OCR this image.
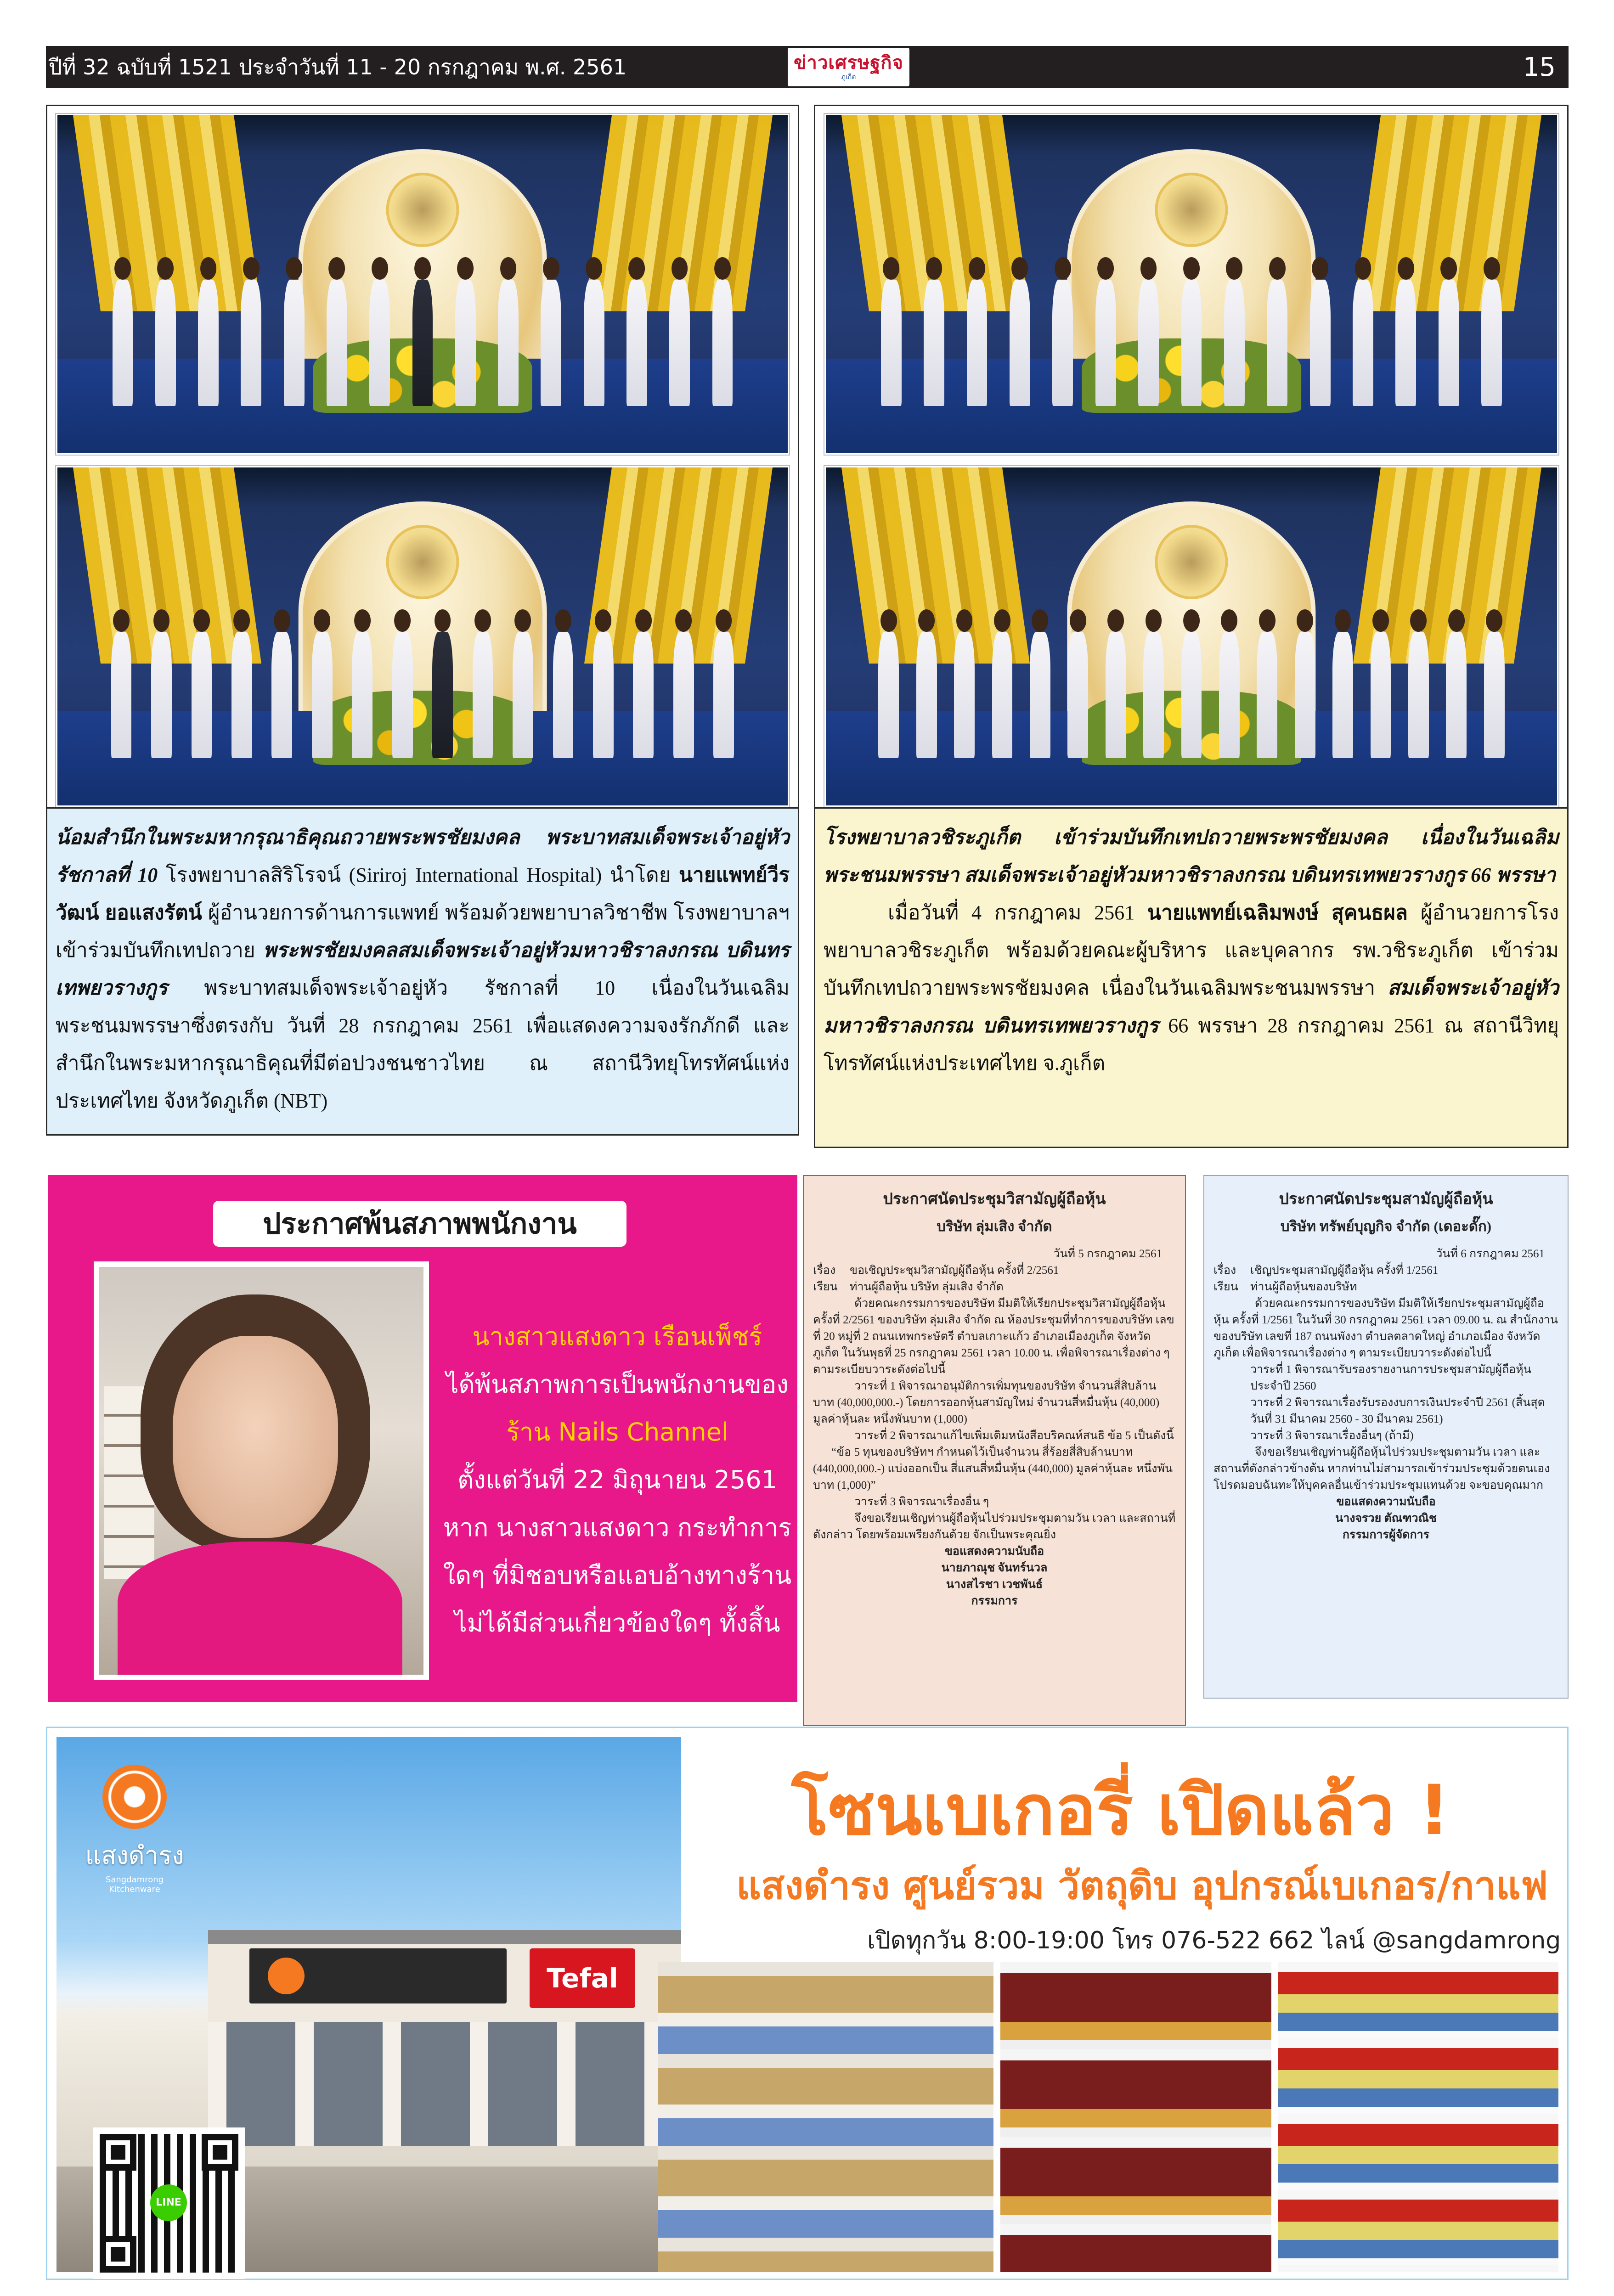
ปีที่ 32 ฉบับที่ 1521 ประจำวันที่ 11 - 20 กรกฎาคม พ.ศ. 2561	ข่าวเศรษฐกิจ
ภูเก็ต	15
น้อมสำนึกในพระมหากรุณาธิคุณถวายพระพรชัยมงคล พระบาทสมเด็จพระเจ้าอยู่หัว รัชกาลที่ 10 โรงพยาบาลสิริโรจน์ (Siriroj International Hospital) นำโดย นายแพทย์วีรวัฒน์ ยอแสงรัตน์ ผู้อำนวยการด้านการแพทย์ พร้อมด้วยพยาบาลวิชาชีพ โรงพยาบาลฯ เข้าร่วมบันทึกเทปถวาย พระพรชัยมงคลสมเด็จพระเจ้าอยู่หัวมหาวชิราลงกรณ บดินทรเทพยวรางกูร พระบาทสมเด็จพระเจ้าอยู่หัว รัชกาลที่ 10 เนื่องในวันเฉลิมพระชนมพรรษาซึ่งตรงกับ วันที่ 28 กรกฎาคม 2561 เพื่อแสดงความจงรักภักดี และสำนึกในพระมหากรุณาธิคุณที่มีต่อปวงชนชาวไทย ณ สถานีวิทยุโทรทัศน์แห่งประเทศไทย จังหวัดภูเก็ต (NBT)
โรงพยาบาลวชิระภูเก็ต เข้าร่วมบันทึกเทปถวายพระพรชัยมงคล เนื่องในวันเฉลิมพระชนมพรรษา สมเด็จพระเจ้าอยู่หัวมหาวชิราลงกรณ บดินทรเทพยวรางกูร 66 พรรษา
เมื่อวันที่ 4 กรกฎาคม 2561 นายแพทย์เฉลิมพงษ์ สุคนธผล ผู้อำนวยการโรงพยาบาลวชิระภูเก็ต พร้อมด้วยคณะผู้บริหาร และบุคลากร รพ.วชิระภูเก็ต เข้าร่วมบันทึกเทปถวายพระพรชัยมงคล เนื่องในวันเฉลิมพระชนมพรรษา สมเด็จพระเจ้าอยู่หัวมหาวชิราลงกรณ บดินทรเทพยวรางกูร 66 พรรษา 28 กรกฎาคม 2561 ณ สถานีวิทยุโทรทัศน์แห่งประเทศไทย จ.ภูเก็ต
ประกาศพ้นสภาพพนักงาน
นางสาวแสงดาว เรือนเพ็ชร์
ได้พ้นสภาพการเป็นพนักงานของ
ร้าน Nails Channel
ตั้งแต่วันที่ 22 มิถุนายน 2561
หาก นางสาวแสงดาว กระทำการ
ใดๆ ที่มิชอบหรือแอบอ้างทางร้าน
ไม่ได้มีส่วนเกี่ยวข้องใดๆ ทั้งสิ้น
ประกาศนัดประชุมวิสามัญผู้ถือหุ้น
บริษัท ลุ่มเสิง จำกัด
วันที่ 5 กรกฎาคม 2561
เรื่อง	ขอเชิญประชุมวิสามัญผู้ถือหุ้น ครั้งที่ 2/2561
เรียน	ท่านผู้ถือหุ้น บริษัท ลุ่มเสิง จำกัด
ด้วยคณะกรรมการของบริษัท มีมติให้เรียกประชุมวิสามัญผู้ถือหุ้น ครั้งที่ 2/2561 ของบริษัท ลุ่มเสิง จำกัด ณ ห้องประชุมที่ทำการของบริษัท เลขที่ 20 หมู่ที่ 2 ถนนเทพกระษัตรี ตำบลเกาะแก้ว อำเภอเมืองภูเก็ต จังหวัดภูเก็ต ในวันพุธที่ 25 กรกฎาคม 2561 เวลา 10.00 น. เพื่อพิจารณาเรื่องต่าง ๆ ตามระเบียบวาระดังต่อไปนี้
วาระที่ 1 พิจารณาอนุมัติการเพิ่มทุนของบริษัท จำนวนสี่สิบล้านบาท (40,000,000.-) โดยการออกหุ้นสามัญใหม่ จำนวนสี่หมื่นหุ้น (40,000) มูลค่าหุ้นละ หนึ่งพันบาท (1,000)
วาระที่ 2 พิจารณาแก้ไขเพิ่มเติมหนังสือบริคณห์สนธิ ข้อ 5 เป็นดังนี้
“ข้อ 5 ทุนของบริษัทฯ กำหนดไว้เป็นจำนวน สี่ร้อยสี่สิบล้านบาท (440,000,000.-) แบ่งออกเป็น สี่แสนสี่หมื่นหุ้น (440,000) มูลค่าหุ้นละ หนึ่งพันบาท (1,000)”
วาระที่ 3 พิจารณาเรื่องอื่น ๆ
จึงขอเรียนเชิญท่านผู้ถือหุ้นไปร่วมประชุมตามวัน เวลา และสถานที่ ดังกล่าว โดยพร้อมเพรียงกันด้วย จักเป็นพระคุณยิ่ง
ขอแสดงความนับถือ
นายภาณุช จันทร์นวล
นางสไรชา เวชพันธ์
กรรมการ
ประกาศนัดประชุมสามัญผู้ถือหุ้น
บริษัท ทรัพย์บุญกิจ จำกัด (เดอะดั๊ก)
วันที่ 6 กรกฎาคม 2561
เรื่อง	เชิญประชุมสามัญผู้ถือหุ้น ครั้งที่ 1/2561
เรียน	ท่านผู้ถือหุ้นของบริษัท
ด้วยคณะกรรมการของบริษัท มีมติให้เรียกประชุมสามัญผู้ถือหุ้น ครั้งที่ 1/2561 ในวันที่ 30 กรกฎาคม 2561 เวลา 09.00 น. ณ สำนักงานของบริษัท เลขที่ 187 ถนนพังงา ตำบลตลาดใหญ่ อำเภอเมือง จังหวัดภูเก็ต เพื่อพิจารณาเรื่องต่าง ๆ ตามระเบียบวาระดังต่อไปนี้
วาระที่ 1 พิจารณารับรองรายงานการประชุมสามัญผู้ถือหุ้นประจำปี 2560
วาระที่ 2 พิจารณาเรื่องรับรองงบการเงินประจำปี 2561 (สิ้นสุดวันที่ 31 มีนาคม 2560 - 30 มีนาคม 2561)
วาระที่ 3 พิจารณาเรื่องอื่นๆ (ถ้ามี)
จึงขอเรียนเชิญท่านผู้ถือหุ้นไปร่วมประชุมตามวัน เวลา และสถานที่ดังกล่าวข้างต้น หากท่านไม่สามารถเข้าร่วมประชุมด้วยตนเอง โปรดมอบฉันทะให้บุคคลอื่นเข้าร่วมประชุมแทนด้วย จะขอบคุณมาก
ขอแสดงความนับถือ
นางจรวย ตัณฑวณิช
กรรมการผู้จัดการ
Tefal
แสงดำรง
Sangdamrong Kitchenware
LINE
โซนเบเกอรี่ เปิดแล้ว !
แสงดำรง ศูนย์รวม วัตถุดิบ อุปกรณ์เบเกอร/กาแฟ
เปิดทุกวัน 8:00-19:00 โทร 076-522 662 ไลน์ @sangdamrong
